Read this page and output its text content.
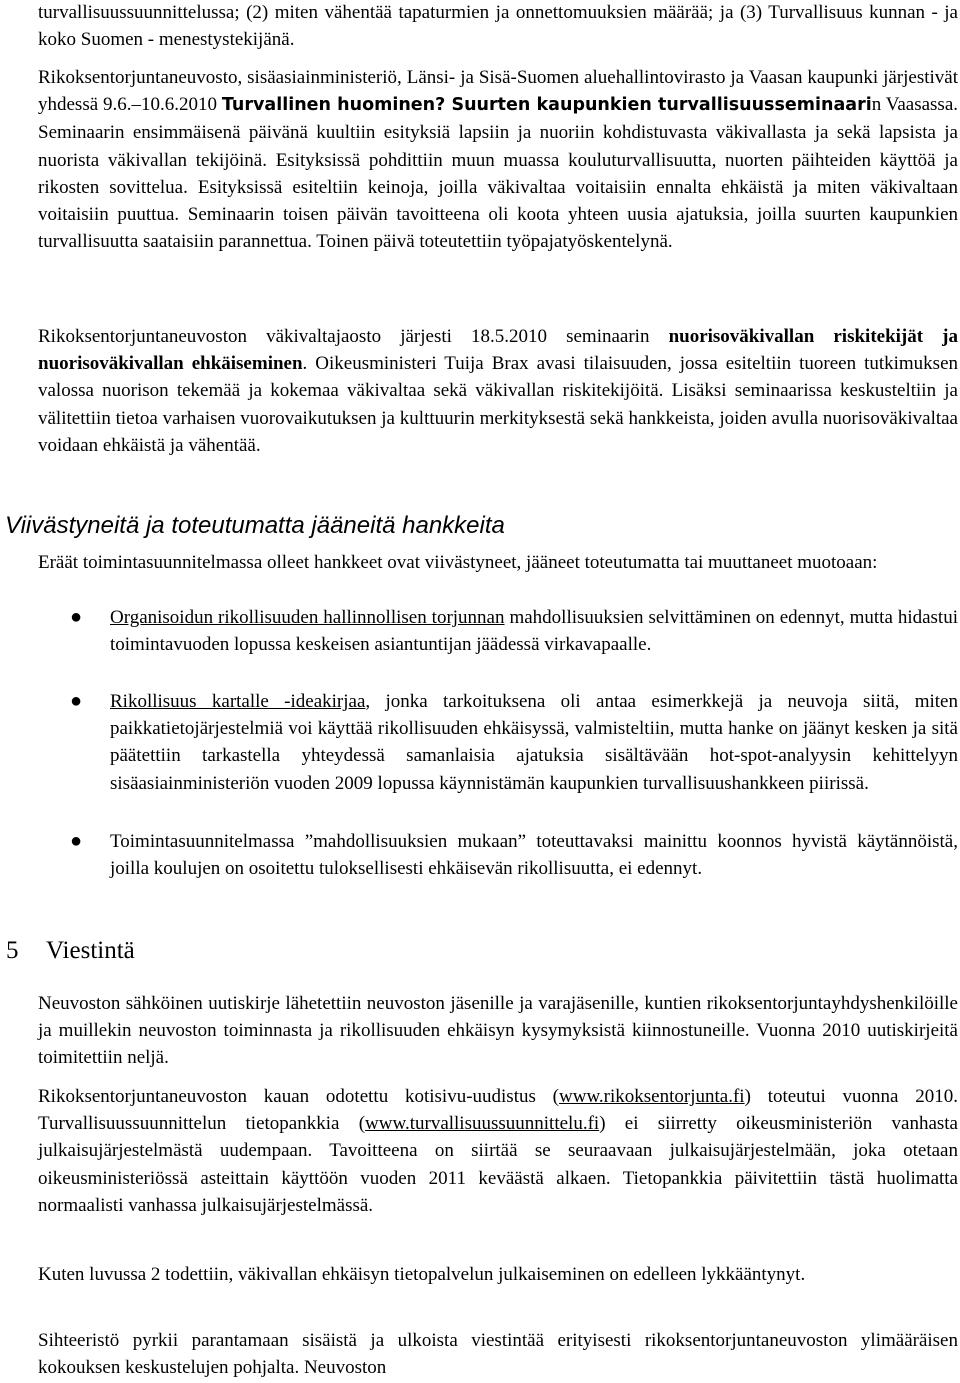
turvallisuussuunnittelussa; (2) miten vähentää tapaturmien ja onnettomuuksien määrää; ja (3) Turvallisuus kunnan - ja koko Suomen - menestystekijänä.

Rikoksentorjuntaneuvosto, sisäasiainministeriö, Länsi- ja Sisä-Suomen aluehallintovirasto ja Vaasan kaupunki järjestivät yhdessä 9.6.–10.6.2010 Turvallinen huominen? Suurten kaupunkien turvallisuusseminaarin Vaasassa. Seminaarin ensimmäisenä päivänä kuultiin esityksiä lapsiin ja nuoriin kohdistuvasta väkivallasta ja sekä lapsista ja nuorista väkivallan tekijöinä. Esityksissä pohdittiin muun muassa kouluturvallisuutta, nuorten päihteiden käyttöä ja rikosten sovittelua. Esityksissä esiteltiin keinoja, joilla väkivaltaa voitaisiin ennalta ehkäistä ja miten väkivaltaan voitaisiin puuttua. Seminaarin toisen päivän tavoitteena oli koota yhteen uusia ajatuksia, joilla suurten kaupunkien turvallisuutta saataisiin parannettua. Toinen päivä toteutettiin työpajatyöskentelynä.

Rikoksentorjuntaneuvoston väkivaltajaosto järjesti 18.5.2010 seminaarin nuorisoväkivallan riskitekijät ja nuorisoväkivallan ehkäiseminen. Oikeusministeri Tuija Brax avasi tilaisuuden, jossa esiteltiin tuoreen tutkimuksen valossa nuorison tekemää ja kokemaa väkivaltaa sekä väkivallan riskitekijöitä. Lisäksi seminaarissa keskusteltiin ja välitettiin tietoa varhaisen vuorovaikutuksen ja kulttuurin merkityksestä sekä hankkeista, joiden avulla nuorisoväkivaltaa voidaan ehkäistä ja vähentää.

Viivästyneitä ja toteutumatta jääneitä hankkeita

Eräät toimintasuunnitelmassa olleet hankkeet ovat viivästyneet, jääneet toteutumatta tai muuttaneet muotoaan:

● Organisoidun rikollisuuden hallinnollisen torjunnan mahdollisuuksien selvittäminen on edennyt, mutta hidastui toimintavuoden lopussa keskeisen asiantuntijan jäädessä virkavapaalle.

● Rikollisuus kartalle -ideakirjaa, jonka tarkoituksena oli antaa esimerkkejä ja neuvoja siitä, miten paikkatietojärjestelmiä voi käyttää rikollisuuden ehkäisyssä, valmisteltiin, mutta hanke on jäänyt kesken ja sitä päätettiin tarkastella yhteydessä samanlaisia ajatuksia sisältävään hot-spot-analyysin kehittelyyn sisäasiainministeriön vuoden 2009 lopussa käynnistämän kaupunkien turvallisuushankkeen piirissä.

● Toimintasuunnitelmassa ”mahdollisuuksien mukaan” toteuttavaksi mainittu koonnos hyvistä käytännöistä, joilla koulujen on osoitettu tuloksellisesti ehkäisevän rikollisuutta, ei edennyt.

5 Viestintä

Neuvoston sähköinen uutiskirje lähetettiin neuvoston jäsenille ja varajäsenille, kuntien rikoksentorjuntayhdyshenkilöille ja muillekin neuvoston toiminnasta ja rikollisuuden ehkäisyn kysymyksistä kiinnostuneille. Vuonna 2010 uutiskirjeitä toimitettiin neljä.

Rikoksentorjuntaneuvoston kauan odotettu kotisivu-uudistus (www.rikoksentorjunta.fi) toteutui vuonna 2010. Turvallisuussuunnittelun tietopankkia (www.turvallisuussuunnittelu.fi) ei siirretty oikeusministeriön vanhasta julkaisujärjestelmästä uudempaan. Tavoitteena on siirtää se seuraavaan julkaisujärjestelmään, joka otetaan oikeusministeriössä asteittain käyttöön vuoden 2011 keväästä alkaen. Tietopankkia päivitettiin tästä huolimatta normaalisti vanhassa julkaisujärjestelmässä.

Kuten luvussa 2 todettiin, väkivallan ehkäisyn tietopalvelun julkaiseminen on edelleen lykkääntynyt.

Sihteeristö pyrkii parantamaan sisäistä ja ulkoista viestintää erityisesti rikoksentorjuntaneuvoston ylimääräisen kokouksen keskustelujen pohjalta. Neuvoston
